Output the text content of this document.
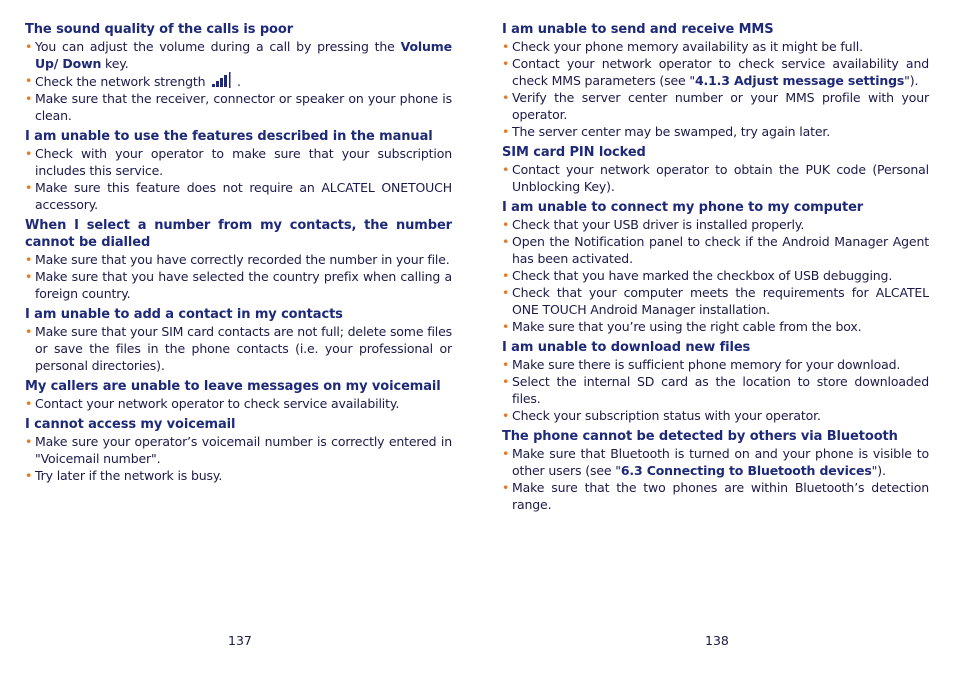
The sound quality of the calls is poor
• You can adjust the volume during a call by pressing the Volume Up/ Down key.
• Check the network strength  .
• Make sure that the receiver, connector or speaker on your phone is clean.
I am unable to use the features described in the manual
• Check with your operator to make sure that your subscription includes this service.
• Make sure this feature does not require an ALCATEL ONETOUCH accessory.
When I select a number from my contacts, the number cannot be dialled
• Make sure that you have correctly recorded the number in your file.
• Make sure that you have selected the country prefix when calling a foreign country.
I am unable to add a contact in my contacts
• Make sure that your SIM card contacts are not full; delete some files or save the files in the phone contacts (i.e. your professional or personal directories).
My callers are unable to leave messages on my voicemail
• Contact your network operator to check service availability.
I cannot access my voicemail
• Make sure your operator’s voicemail number is correctly entered in "Voicemail number".
• Try later if the network is busy.
I am unable to send and receive MMS
• Check your phone memory availability as it might be full.
• Contact your network operator to check service availability and check MMS parameters (see "4.1.3 Adjust message settings").
• Verify the server center number or your MMS profile with your operator.
• The server center may be swamped, try again later.
SIM card PIN locked
• Contact your network operator to obtain the PUK code (Personal Unblocking Key).
I am unable to connect my phone to my computer
• Check that your USB driver is installed properly.
• Open the Notification panel to check if the Android Manager Agent has been activated.
• Check that you have marked the checkbox of USB debugging.
• Check that your computer meets the requirements for ALCATEL ONE TOUCH Android Manager installation.
• Make sure that you’re using the right cable from the box.
I am unable to download new files
• Make sure there is sufficient phone memory for your download.
• Select the internal SD card as the location to store downloaded files.
• Check your subscription status with your operator.
The phone cannot be detected by others via Bluetooth
• Make sure that Bluetooth is turned on and your phone is visible to other users (see "6.3 Connecting to Bluetooth devices").
• Make sure that the two phones are within Bluetooth’s detection range.
137	138
